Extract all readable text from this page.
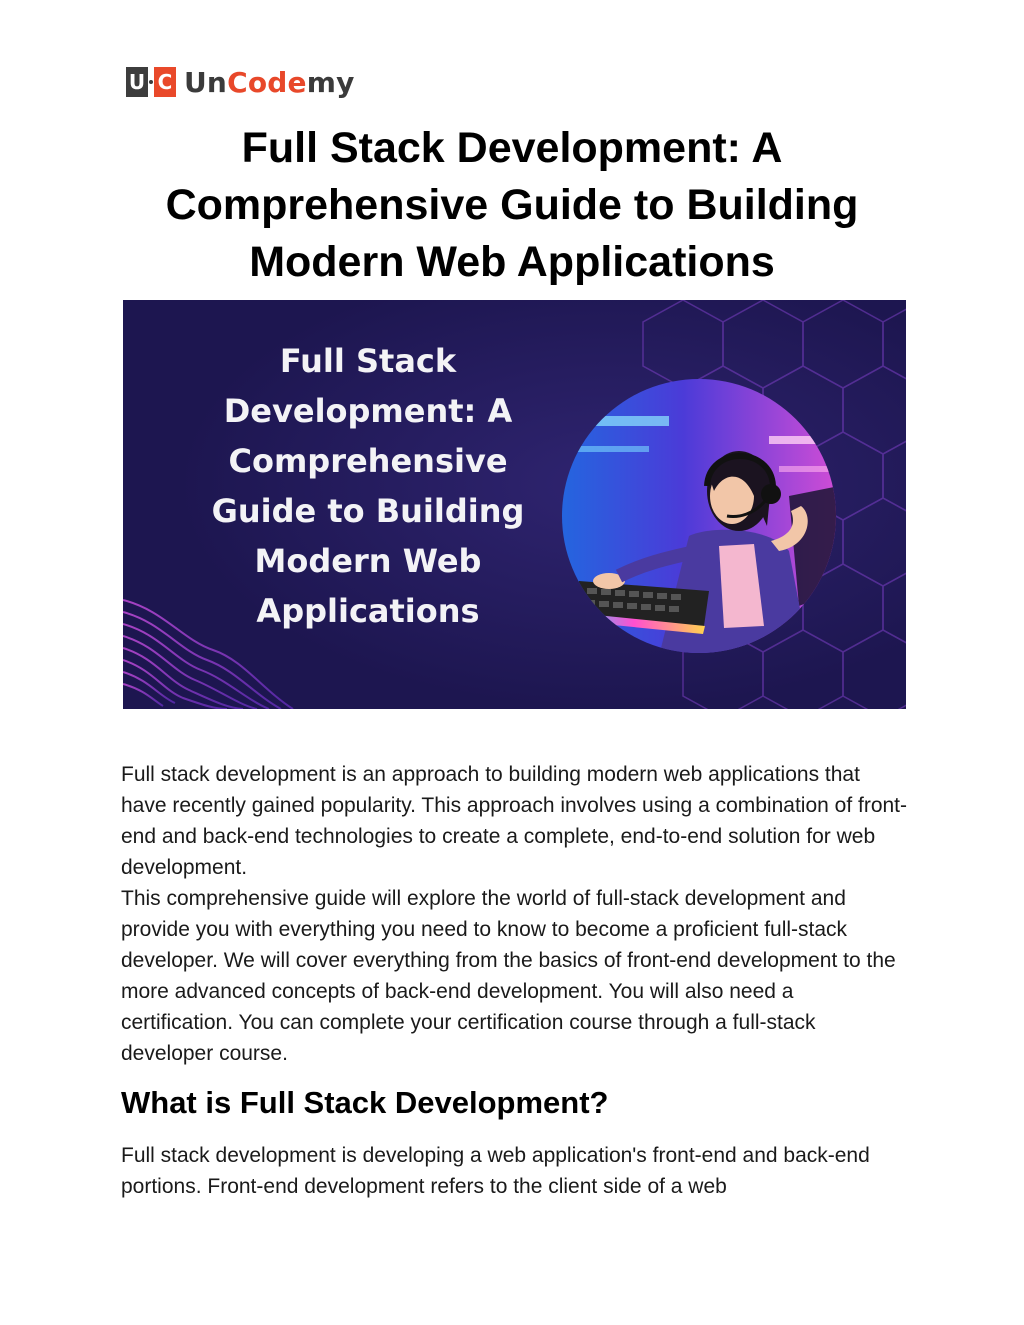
U C UnCodemy
Full Stack Development: A Comprehensive Guide to Building Modern Web Applications
Full Stack Development: A Comprehensive Guide to Building Modern Web Applications

Full stack development is an approach to building modern web applications that have recently gained popularity. This approach involves using a combination of front-end and back-end technologies to create a complete, end-to-end solution for web development.

This comprehensive guide will explore the world of full-stack development and provide you with everything you need to know to become a proficient full-stack developer. We will cover everything from the basics of front-end development to the more advanced concepts of back-end development. You will also need a certification. You can complete your certification course through a full-stack developer course.

What is Full Stack Development?

Full stack development is developing a web application's front-end and back-end portions. Front-end development refers to the client side of a web
